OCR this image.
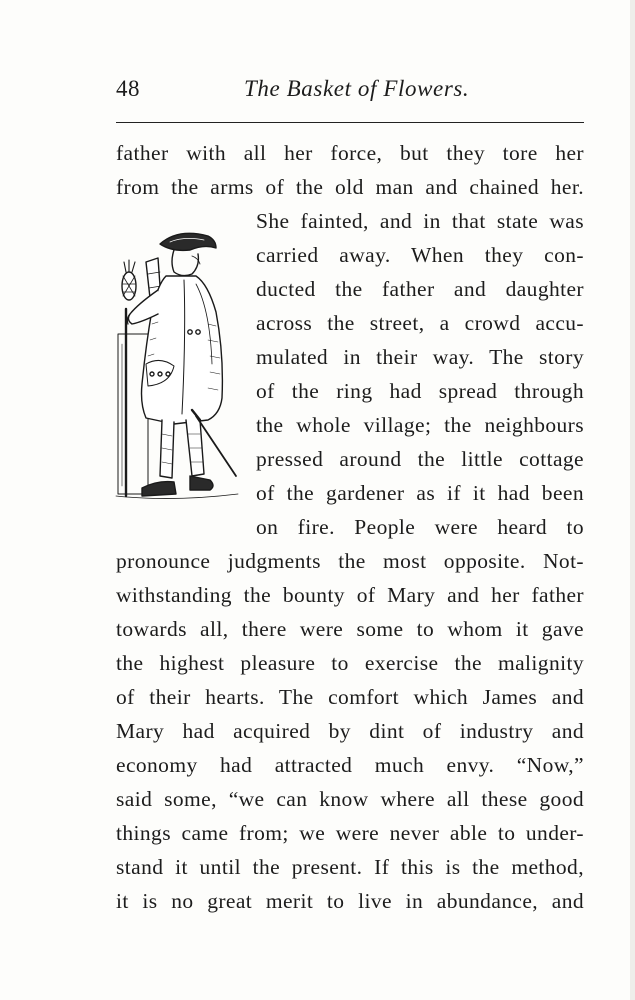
48	The Basket of Flowers.
father with all her force, but they tore her
from the arms of the old man and chained her.
She fainted, and in that state was
carried away. When they con-
ducted the father and daughter
across the street, a crowd accu-
mulated in their way. The story
of the ring had spread through
the whole village; the neighbours
pressed around the little cottage
of the gardener as if it had been
on fire. People were heard to
pronounce judgments the most opposite. Not-
withstanding the bounty of Mary and her father
towards all, there were some to whom it gave
the highest pleasure to exercise the malignity
of their hearts. The comfort which James and
Mary had acquired by dint of industry and
economy had attracted much envy. “Now,”
said some, “we can know where all these good
things came from; we were never able to under-
stand it until the present. If this is the method,
it is no great merit to live in abundance, and
